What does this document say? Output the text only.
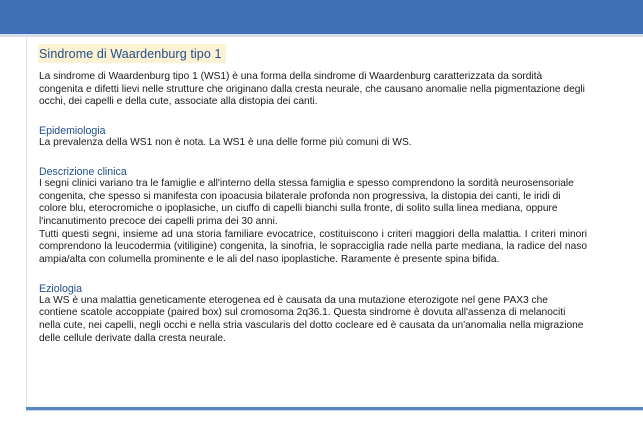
Sindrome di Waardenburg tipo 1

La sindrome di Waardenburg tipo 1 (WS1) è una forma della sindrome di Waardenburg caratterizzata da sordità congenita e difetti lievi nelle strutture che originano dalla cresta neurale, che causano anomalie nella pigmentazione degli occhi, dei capelli e della cute, associate alla distopia dei canti.

Epidemiologia

La prevalenza della WS1 non è nota. La WS1 è una delle forme più comuni di WS.

Descrizione clinica

I segni clinici variano tra le famiglie e all'interno della stessa famiglia e spesso comprendono la sordità neurosensoriale congenita, che spesso si manifesta con ipoacusia bilaterale profonda non progressiva, la distopia dei canti, le iridi di colore blu, eterocromiche o ipoplasiche, un ciuffo di capelli bianchi sulla fronte, di solito sulla linea mediana, oppure l'incanutimento precoce dei capelli prima dei 30 anni.

Tutti questi segni, insieme ad una storia familiare evocatrice, costituiscono i criteri maggiori della malattia. I criteri minori comprendono la leucodermia (vitiligine) congenita, la sinofria, le sopracciglia rade nella parte mediana, la radice del naso ampia/alta con columella prominente e le ali del naso ipoplastiche. Raramente è presente spina bifida.

Eziologia

La WS è una malattia geneticamente eterogenea ed è causata da una mutazione eterozigote nel gene PAX3 che contiene scatole accoppiate (paired box) sul cromosoma 2q36.1. Questa sindrome è dovuta all'assenza di melanociti nella cute, nei capelli, negli occhi e nella stria vascularis del dotto cocleare ed è causata da un'anomalia nella migrazione delle cellule derivate dalla cresta neurale.
